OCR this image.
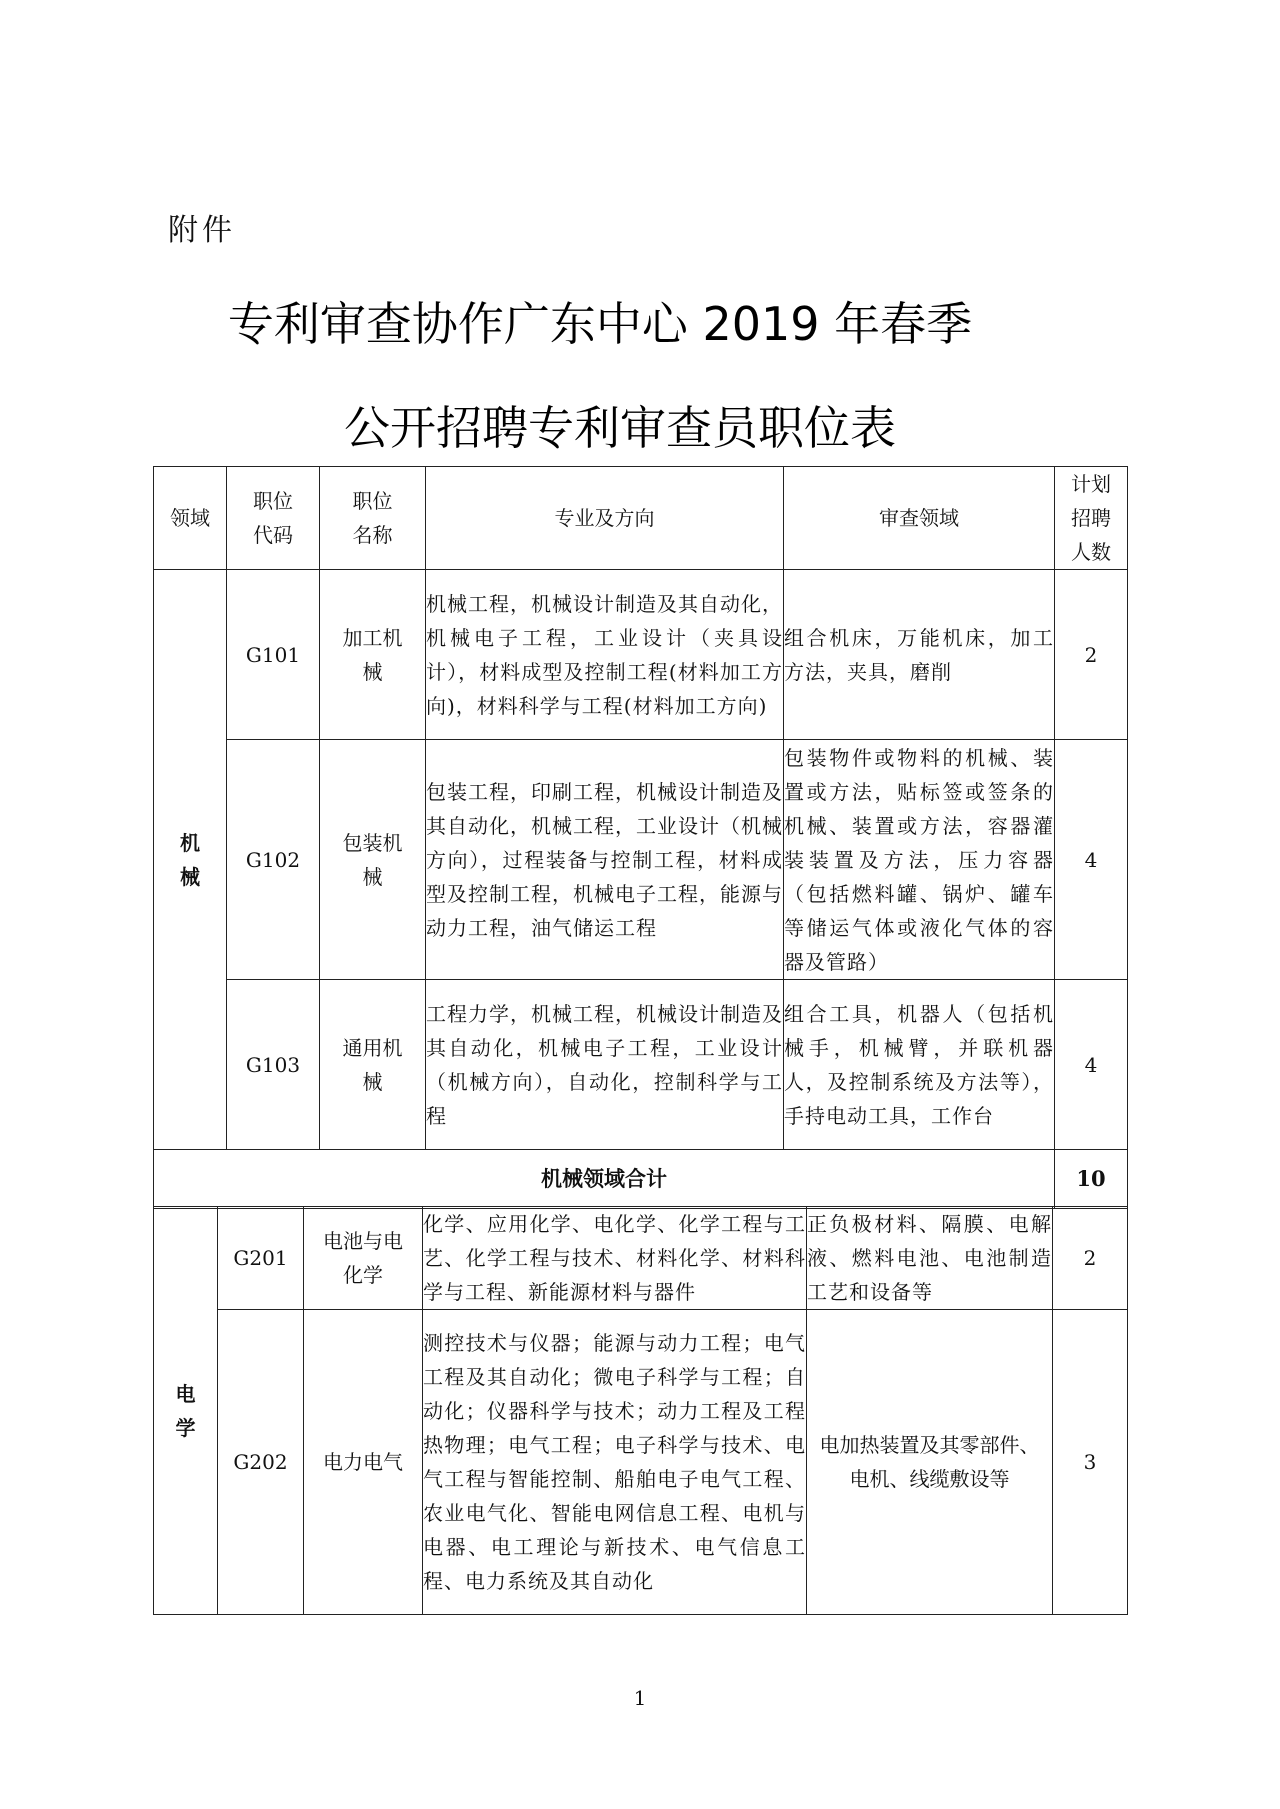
附件
专利审查协作广东中心 2019 年春季
公开招聘专利审查员职位表
领域	职位代码	职位名称	专业及方向	审查领域	计划招聘人数
机械	G101	加工机械	机械工程，机械设计制造及其自动化，机械电子工程，工业设计（夹具设计），材料成型及控制工程(材料加工方向)，材料科学与工程(材料加工方向)	组合机床，万能机床，加工方法，夹具，磨削	2
	G102	包装机械	包装工程，印刷工程，机械设计制造及其自动化，机械工程，工业设计（机械方向），过程装备与控制工程，材料成型及控制工程，机械电子工程，能源与动力工程，油气储运工程	包装物件或物料的机械、装置或方法，贴标签或签条的机械、装置或方法，容器灌装装置及方法，压力容器（包括燃料罐、锅炉、罐车等储运气体或液化气体的容器及管路）	4
	G103	通用机械	工程力学，机械工程，机械设计制造及其自动化，机械电子工程，工业设计（机械方向），自动化，控制科学与工程	组合工具，机器人（包括机械手，机械臂，并联机器人，及控制系统及方法等），手持电动工具，工作台	4
机械领域合计					10
电学	G201	电池与电化学	化学、应用化学、电化学、化学工程与工艺、化学工程与技术、材料化学、材料科学与工程、新能源材料与器件	正负极材料、隔膜、电解液、燃料电池、电池制造工艺和设备等	2
	G202	电力电气	测控技术与仪器；能源与动力工程；电气工程及其自动化；微电子科学与工程；自动化；仪器科学与技术；动力工程及工程热物理；电气工程；电子科学与技术、电气工程与智能控制、船舶电子电气工程、农业电气化、智能电网信息工程、电机与电器、电工理论与新技术、电气信息工程、电力系统及其自动化	电加热装置及其零部件、电机、线缆敷设等	3
1
